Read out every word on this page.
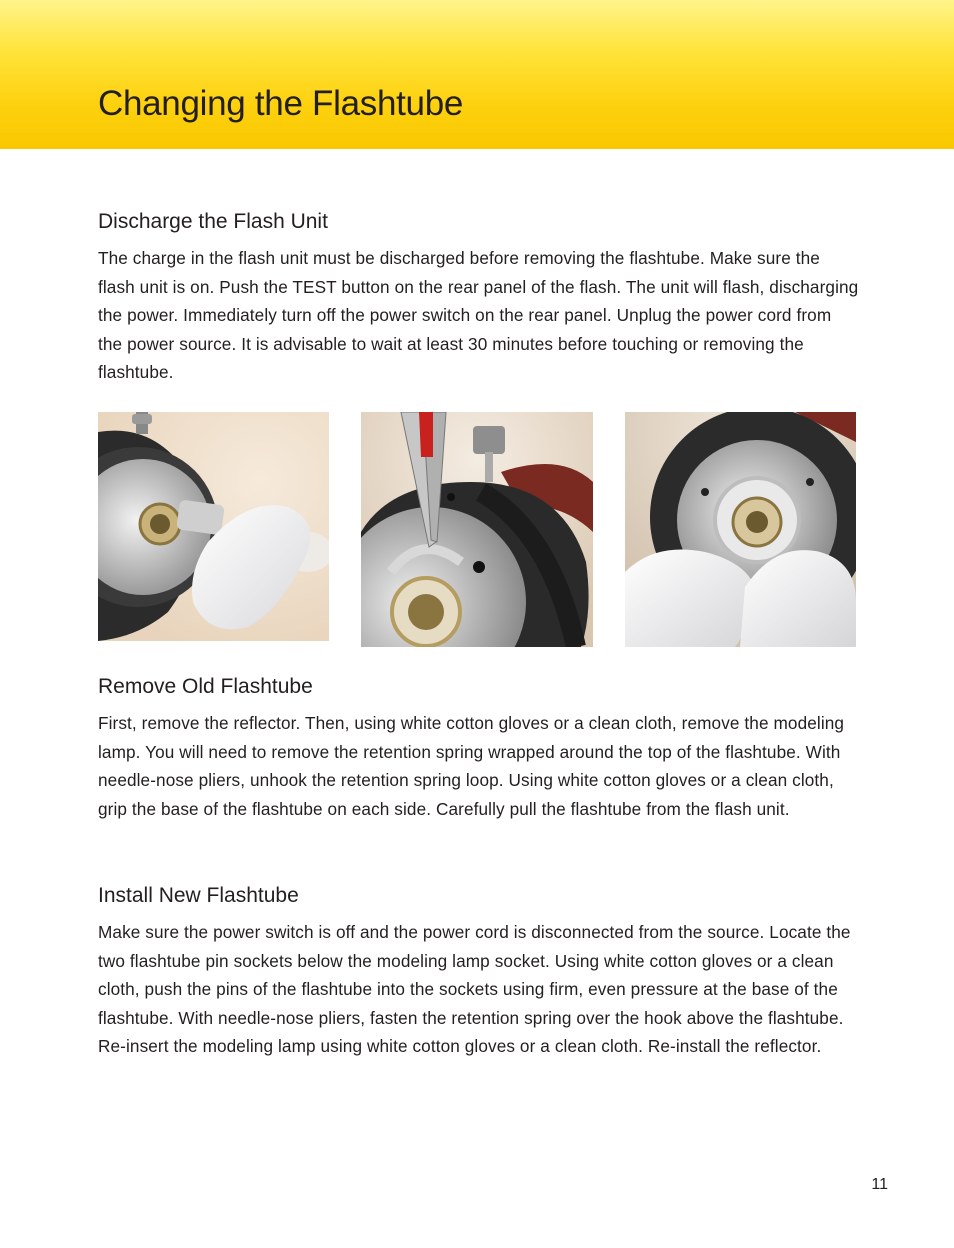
Changing the Flashtube
Discharge the Flash Unit

The charge in the flash unit must be discharged before removing the flashtube. Make sure the flash unit is on. Push the TEST button on the rear panel of the flash. The unit will flash, discharging the power. Immediately turn off the power switch on the rear panel. Unplug the power cord from the power source. It is advisable to wait at least 30 minutes before touching or removing the flashtube.

Remove Old Flashtube

First, remove the reflector. Then, using white cotton gloves or a clean cloth, remove the modeling lamp. You will need to remove the retention spring wrapped around the top of the flashtube. With needle-nose pliers, unhook the retention spring loop. Using white cotton gloves or a clean cloth, grip the base of the flashtube on each side. Carefully pull the flashtube from the flash unit.

Install New Flashtube

Make sure the power switch is off and the power cord is disconnected from the source. Locate the two flashtube pin sockets below the modeling lamp socket. Using white cotton gloves or a clean cloth, push the pins of the flashtube into the sockets using firm, even pressure at the base of the flashtube. With needle-nose pliers, fasten the retention spring over the hook above the flashtube. Re-insert the modeling lamp using white cotton gloves or a clean cloth. Re-install the reflector.

11
